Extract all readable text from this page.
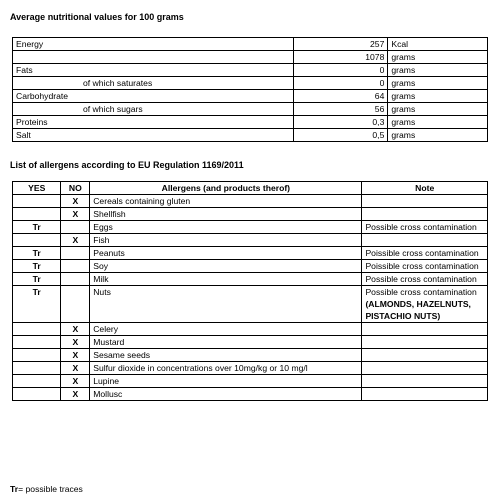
Average nutritional values for 100 grams
Energy	257	Kcal
	1078	grams
Fats	0	grams
of which saturates	0	grams
Carbohydrate	64	grams
of which sugars	56	grams
Proteins	0,3	grams
Salt	0,5	grams
List of allergens according to EU Regulation 1169/2011
YES	NO	Allergens (and products therof)	Note
	X	Cereals containing gluten	
	X	Shellfish	
Tr		Eggs	Possible cross contamination
	X	Fish	
Tr		Peanuts	Poissible cross contamination
Tr		Soy	Poissible cross contamination
Tr		Milk	Possible cross contamination
Tr		Nuts	Possible cross contamination
(ALMONDS, HAZELNUTS, PISTACHIO NUTS)

	X	Celery	
	X	Mustard	
	X	Sesame seeds	
	X	Sulfur dioxide in concentrations over 10mg/kg or 10 mg/l	
	X	Lupine	
	X	Mollusc	
Tr= possible traces
